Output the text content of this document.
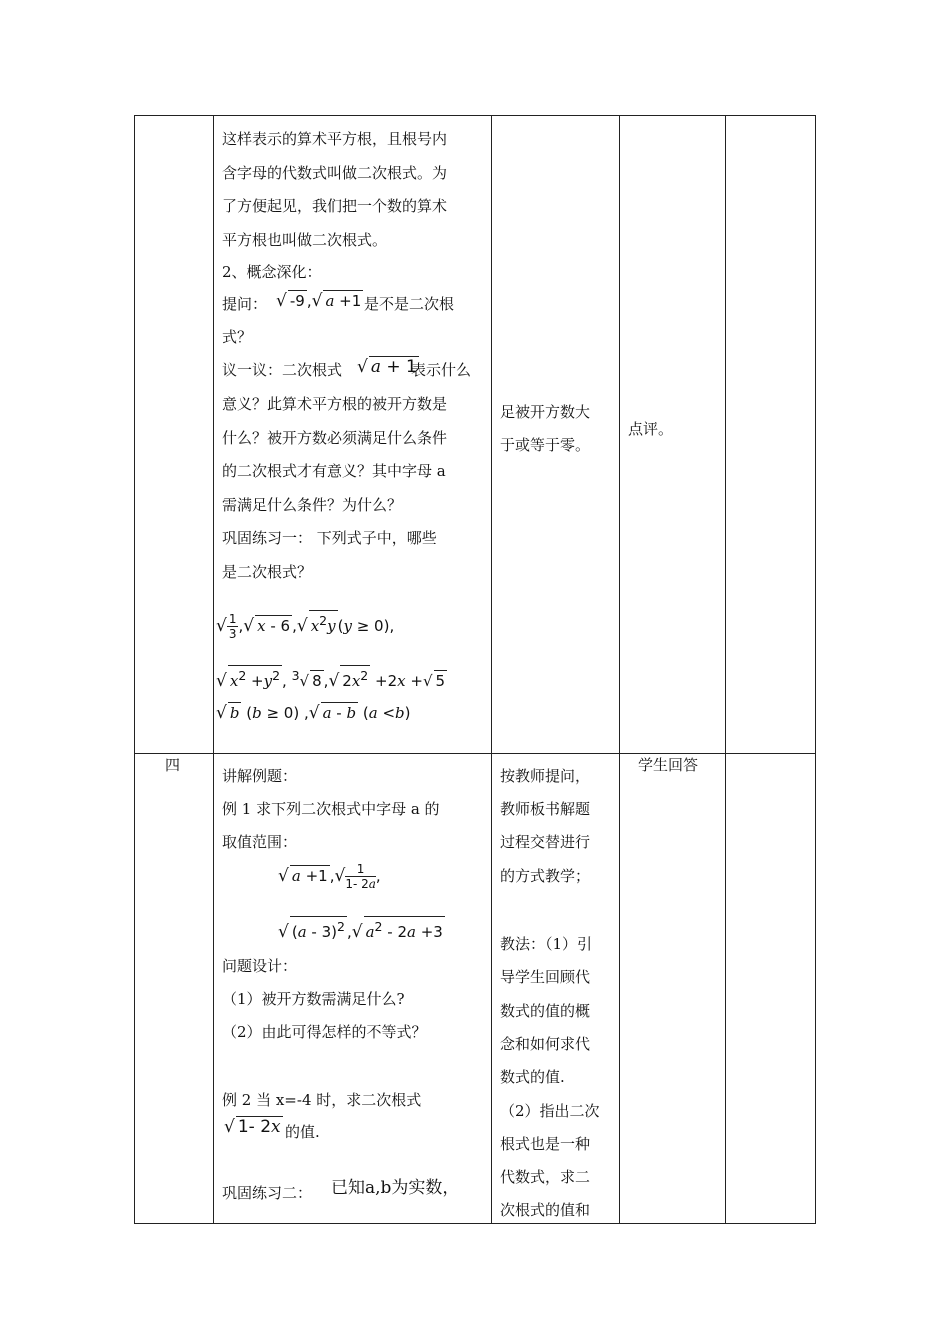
这样表示的算术平方根，且根号内
含字母的代数式叫做二次根式。为
了方便起见，我们把一个数的算术
平方根也叫做二次根式。
2、概念深化：
提问： √ -9 ,√ a +1 是不是二次根
式？
议一议：二次根式 √ a + 1
表示什么
意义？此算术平方根的被开方数是
什么？被开方数必须满足什么条件
的二次根式才有意义？其中字母 a
需满足什么条件？为什么？
巩固练习一： 下列式子中，哪些
是二次根式？
√ $\frac{1}{3}$ ,√ x - 6 ,√ $x^2y$ (y ≥ 0),
√ $x^2 +y^2$ , $^3$√ 8 ,√ $2x^2 +2x$ +√ 5
√ b (b ≥ 0) ,√ a - b (a <b)
足被开方数大
于或等于零。
点评。
四
讲解例题：
例 1 求下列二次根式中字母 a 的
取值范围：
√ a +1 ,√ $\frac{1}{1- 2a}$ ,
√ (a - 3)$^2$ ,√ $a^2 - 2a +3$
问题设计：
（1）被开方数需满足什么?
（2）由此可得怎样的不等式？
例 2 当 x=-4 时，求二次根式
√ 1- 2x 的值.
巩固练习二： 已知a,b为实数，
按教师提问，
教师板书解题
过程交替进行
的方式教学；
教法：（1）引
导学生回顾代
数式的值的概
念和如何求代
数式的值.
（2）指出二次
根式也是一种
代数式，求二
次根式的值和
学生回答
